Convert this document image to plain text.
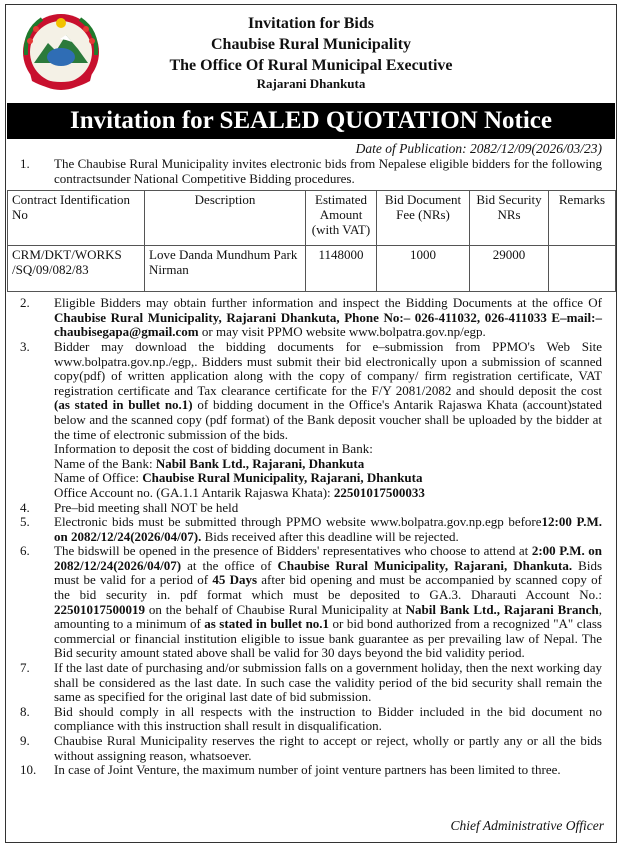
Invitation for Bids
Chaubise Rural Municipality
The Office Of Rural Municipal Executive
Rajarani Dhankuta
Invitation for SEALED QUOTATION Notice
Date of Publication: 2082/12/09(2026/03/23)
1. The Chaubise Rural Municipality invites electronic bids from Nepalese eligible bidders for the following contractsunder National Competitive Bidding procedures.
Contract Identification No	Description	Estimated Amount (with VAT)	Bid Document Fee (NRs)	Bid Security NRs	Remarks
CRM/DKT/WORKS /SQ/09/082/83	Love Danda Mundhum Park Nirman	1148000	1000	29000	
2. Eligible Bidders may obtain further information and inspect the Bidding Documents at the office Of Chaubise Rural Municipality, Rajarani Dhankuta, Phone No:– 026-411032, 026-411033 E–mail:– chaubisegapa@gmail.com or may visit PPMO website www.bolpatra.gov.np/egp.
3. Bidder may download the bidding documents for e–submission from PPMO's Web Site www.bolpatra.gov.np./egp,. Bidders must submit their bid electronically upon a submission of scanned copy(pdf) of written application along with the copy of company/ firm registration certificate, VAT registration certificate and Tax clearance certificate for the F/Y 2081/2082 and should deposit the cost (as stated in bullet no.1) of bidding document in the Office's Antarik Rajaswa Khata (account)stated below and the scanned copy (pdf format) of the Bank deposit voucher shall be uploaded by the bidder at the time of electronic submission of the bids.
Information to deposit the cost of bidding document in Bank:
Name of the Bank: Nabil Bank Ltd., Rajarani, Dhankuta
Name of Office: Chaubise Rural Municipality, Rajarani, Dhankuta
Office Account no. (GA.1.1 Antarik Rajaswa Khata): 22501017500033
4. Pre–bid meeting shall NOT be held
5. Electronic bids must be submitted through PPMO website www.bolpatra.gov.np.egp before12:00 P.M. on 2082/12/24(2026/04/07). Bids received after this deadline will be rejected.
6. The bidswill be opened in the presence of Bidders' representatives who choose to attend at 2:00 P.M. on 2082/12/24(2026/04/07) at the office of Chaubise Rural Municipality, Rajarani, Dhankuta. Bids must be valid for a period of 45 Days after bid opening and must be accompanied by scanned copy of the bid security in. pdf format which must be deposited to GA.3. Dharauti Account No.: 22501017500019 on the behalf of Chaubise Rural Municipality at Nabil Bank Ltd., Rajarani Branch, amounting to a minimum of as stated in bullet no.1 or bid bond authorized from a recognized "A" class commercial or financial institution eligible to issue bank guarantee as per prevailing law of Nepal. The Bid security amount stated above shall be valid for 30 days beyond the bid validity period.
7. If the last date of purchasing and/or submission falls on a government holiday, then the next working day shall be considered as the last date. In such case the validity period of the bid security shall remain the same as specified for the original last date of bid submission.
8. Bid should comply in all respects with the instruction to Bidder included in the bid document no compliance with this instruction shall result in disqualification.
9. Chaubise Rural Municipality reserves the right to accept or reject, wholly or partly any or all the bids without assigning reason, whatsoever.
10. In case of Joint Venture, the maximum number of joint venture partners has been limited to three.
Chief Administrative Officer
